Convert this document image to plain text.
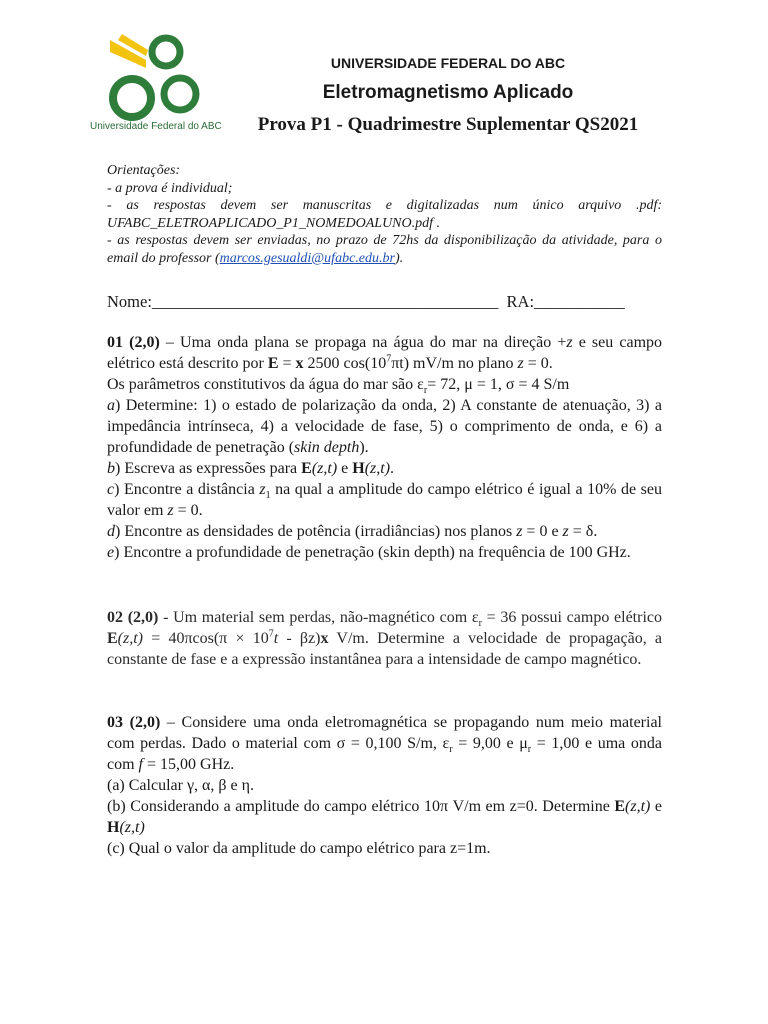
Universidade Federal do ABC
UNIVERSIDADE FEDERAL DO ABC
Eletromagnetismo Aplicado
Prova P1 - Quadrimestre Suplementar QS2021

Orientações:

- a prova é individual;

- as respostas devem ser manuscritas e digitalizadas num único arquivo .pdf: UFABC_ELETROAPLICADO_P1_NOMEDOALUNO.pdf .

- as respostas devem ser enviadas, no prazo de 72hs da disponibilização da atividade, para o email do professor (marcos.gesualdi@ufabc.edu.br).

Nome:__________________________________________ RA:___________

01 (2,0) – Uma onda plana se propaga na água do mar na direção +z e seu campo elétrico está descrito por E = x 2500 $\cos(10^7\pi t)$ mV/m no plano z = 0.

Os parâmetros constitutivos da água do mar são $\varepsilon_r= 72$, μ = 1, σ = 4 S/m

a) Determine: 1) o estado de polarização da onda, 2) A constante de atenuação, 3) a impedância intrínseca, 4) a velocidade de fase, 5) o comprimento de onda, e 6) a profundidade de penetração (skin depth).

b) Escreva as expressões para E(z,t) e H(z,t).

c) Encontre a distância $z_1$ na qual a amplitude do campo elétrico é igual a 10% de seu valor em z = 0.

d) Encontre as densidades de potência (irradiâncias) nos planos z = 0 e z = δ.

e) Encontre a profundidade de penetração (skin depth) na frequência de 100 GHz.

02 (2,0) - Um material sem perdas, não-magnético com $\varepsilon_r = 36$ possui campo elétrico $E(z,t) = 40\pi\cos(\pi \times 10^7t - \beta z)x$ V/m. Determine a velocidade de propagação, a constante de fase e a expressão instantânea para a intensidade de campo magnético.

03 (2,0) – Considere uma onda eletromagnética se propagando num meio material com perdas. Dado o material com σ = 0,100 S/m, $\varepsilon_r = 9,00$ e $\mu_r = 1,00$ e uma onda com f = 15,00 GHz.

(a) Calcular γ, α, β e η.

(b) Considerando a amplitude do campo elétrico 10π V/m em z=0. Determine E(z,t) e H(z,t)

(c) Qual o valor da amplitude do campo elétrico para z=1m.
